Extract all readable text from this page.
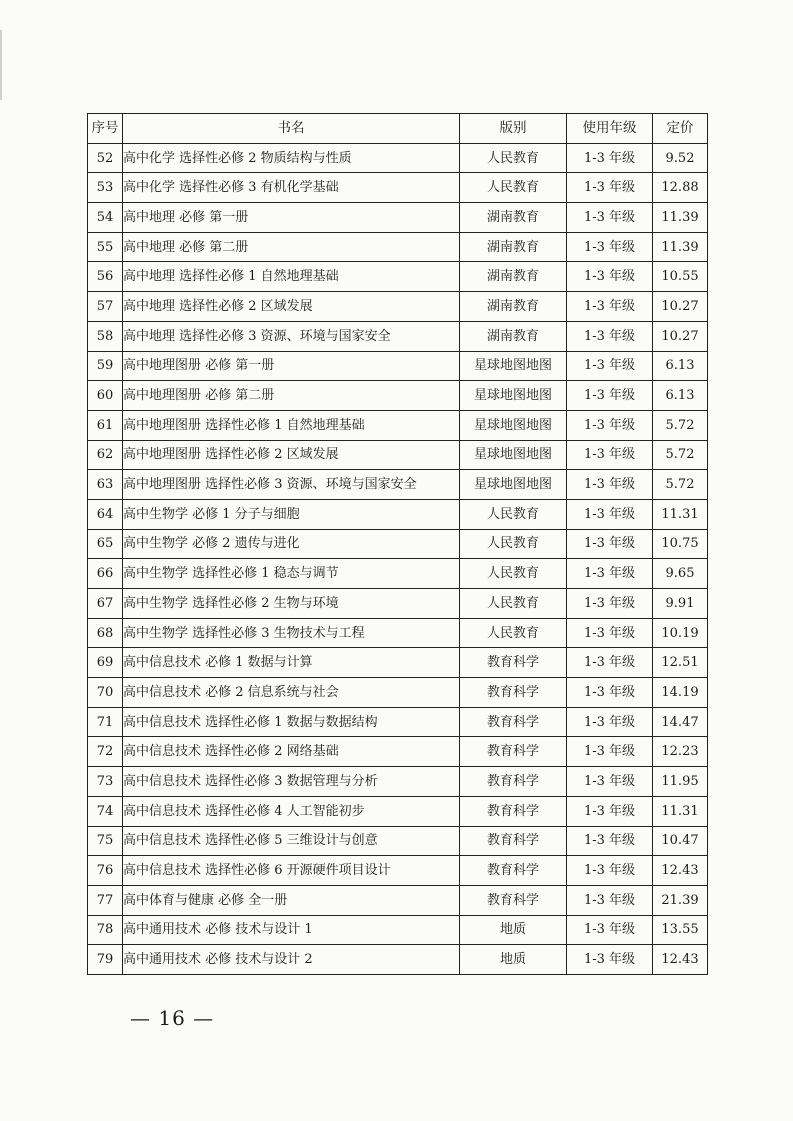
序号	书名	版别	使用年级	定价
52	高中化学 选择性必修 2 物质结构与性质	人民教育	1-3 年级	9.52
53	高中化学 选择性必修 3 有机化学基础	人民教育	1-3 年级	12.88
54	高中地理 必修 第一册	湖南教育	1-3 年级	11.39
55	高中地理 必修 第二册	湖南教育	1-3 年级	11.39
56	高中地理 选择性必修 1 自然地理基础	湖南教育	1-3 年级	10.55
57	高中地理 选择性必修 2 区域发展	湖南教育	1-3 年级	10.27
58	高中地理 选择性必修 3 资源、环境与国家安全	湖南教育	1-3 年级	10.27
59	高中地理图册 必修 第一册	星球地图地图	1-3 年级	6.13
60	高中地理图册 必修 第二册	星球地图地图	1-3 年级	6.13
61	高中地理图册 选择性必修 1 自然地理基础	星球地图地图	1-3 年级	5.72
62	高中地理图册 选择性必修 2 区域发展	星球地图地图	1-3 年级	5.72
63	高中地理图册 选择性必修 3 资源、环境与国家安全	星球地图地图	1-3 年级	5.72
64	高中生物学 必修 1 分子与细胞	人民教育	1-3 年级	11.31
65	高中生物学 必修 2 遗传与进化	人民教育	1-3 年级	10.75
66	高中生物学 选择性必修 1 稳态与调节	人民教育	1-3 年级	9.65
67	高中生物学 选择性必修 2 生物与环境	人民教育	1-3 年级	9.91
68	高中生物学 选择性必修 3 生物技术与工程	人民教育	1-3 年级	10.19
69	高中信息技术 必修 1 数据与计算	教育科学	1-3 年级	12.51
70	高中信息技术 必修 2 信息系统与社会	教育科学	1-3 年级	14.19
71	高中信息技术 选择性必修 1 数据与数据结构	教育科学	1-3 年级	14.47
72	高中信息技术 选择性必修 2 网络基础	教育科学	1-3 年级	12.23
73	高中信息技术 选择性必修 3 数据管理与分析	教育科学	1-3 年级	11.95
74	高中信息技术 选择性必修 4 人工智能初步	教育科学	1-3 年级	11.31
75	高中信息技术 选择性必修 5 三维设计与创意	教育科学	1-3 年级	10.47
76	高中信息技术 选择性必修 6 开源硬件项目设计	教育科学	1-3 年级	12.43
77	高中体育与健康 必修 全一册	教育科学	1-3 年级	21.39
78	高中通用技术 必修 技术与设计 1	地质	1-3 年级	13.55
79	高中通用技术 必修 技术与设计 2	地质	1-3 年级	12.43
— 16 —
